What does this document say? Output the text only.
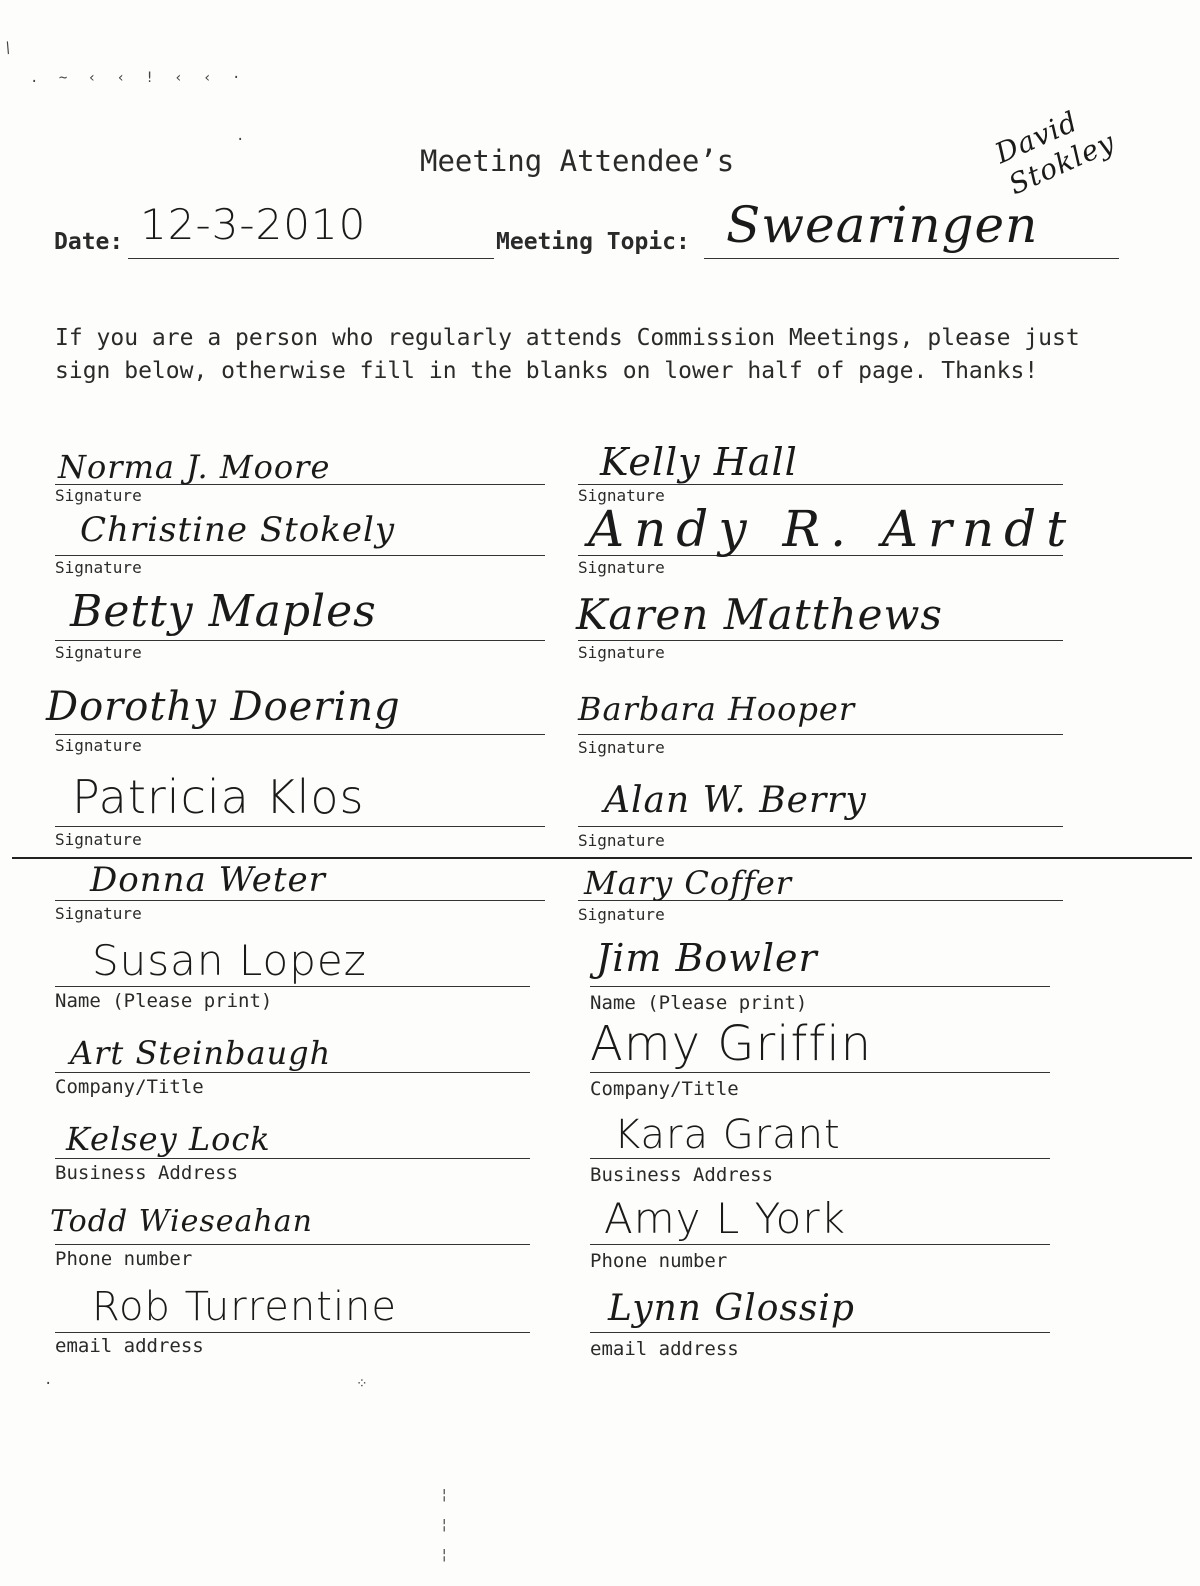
Meeting Attendee’s
Date: 12-3-2010	Meeting Topic: Swearingen
David Stokley
If you are a person who regularly attends Commission Meetings, please just sign below, otherwise fill in the blanks on lower half of page. Thanks!
Signature
Norma J. Moore
Signature
Christine Stokely
Signature
Betty Maples
Signature
Dorothy Doering
Signature
Patricia Klos
Signature
Kelly Hall
Signature
Andy R. Arndt
Signature
Karen Matthews
Signature
Barbara Hooper
Signature
Alan W. Berry
Signature
Donna Weter
Name (Please print)
Susan Lopez
Company/Title
Art Steinbaugh
Business Address
Kelsey Lock
Phone number
Todd Wieseahan
email address
Rob Turrentine
Signature
Mary Coffer
Name (Please print)
Jim Bowler
Company/Title
Amy Griffin
Business Address
Kara Grant
Phone number
Amy L York
email address
Lynn Glossip
/
. ~ ‹ ‹ ! ‹ ‹ ·
·
⁘
·
¦
¦
¦
